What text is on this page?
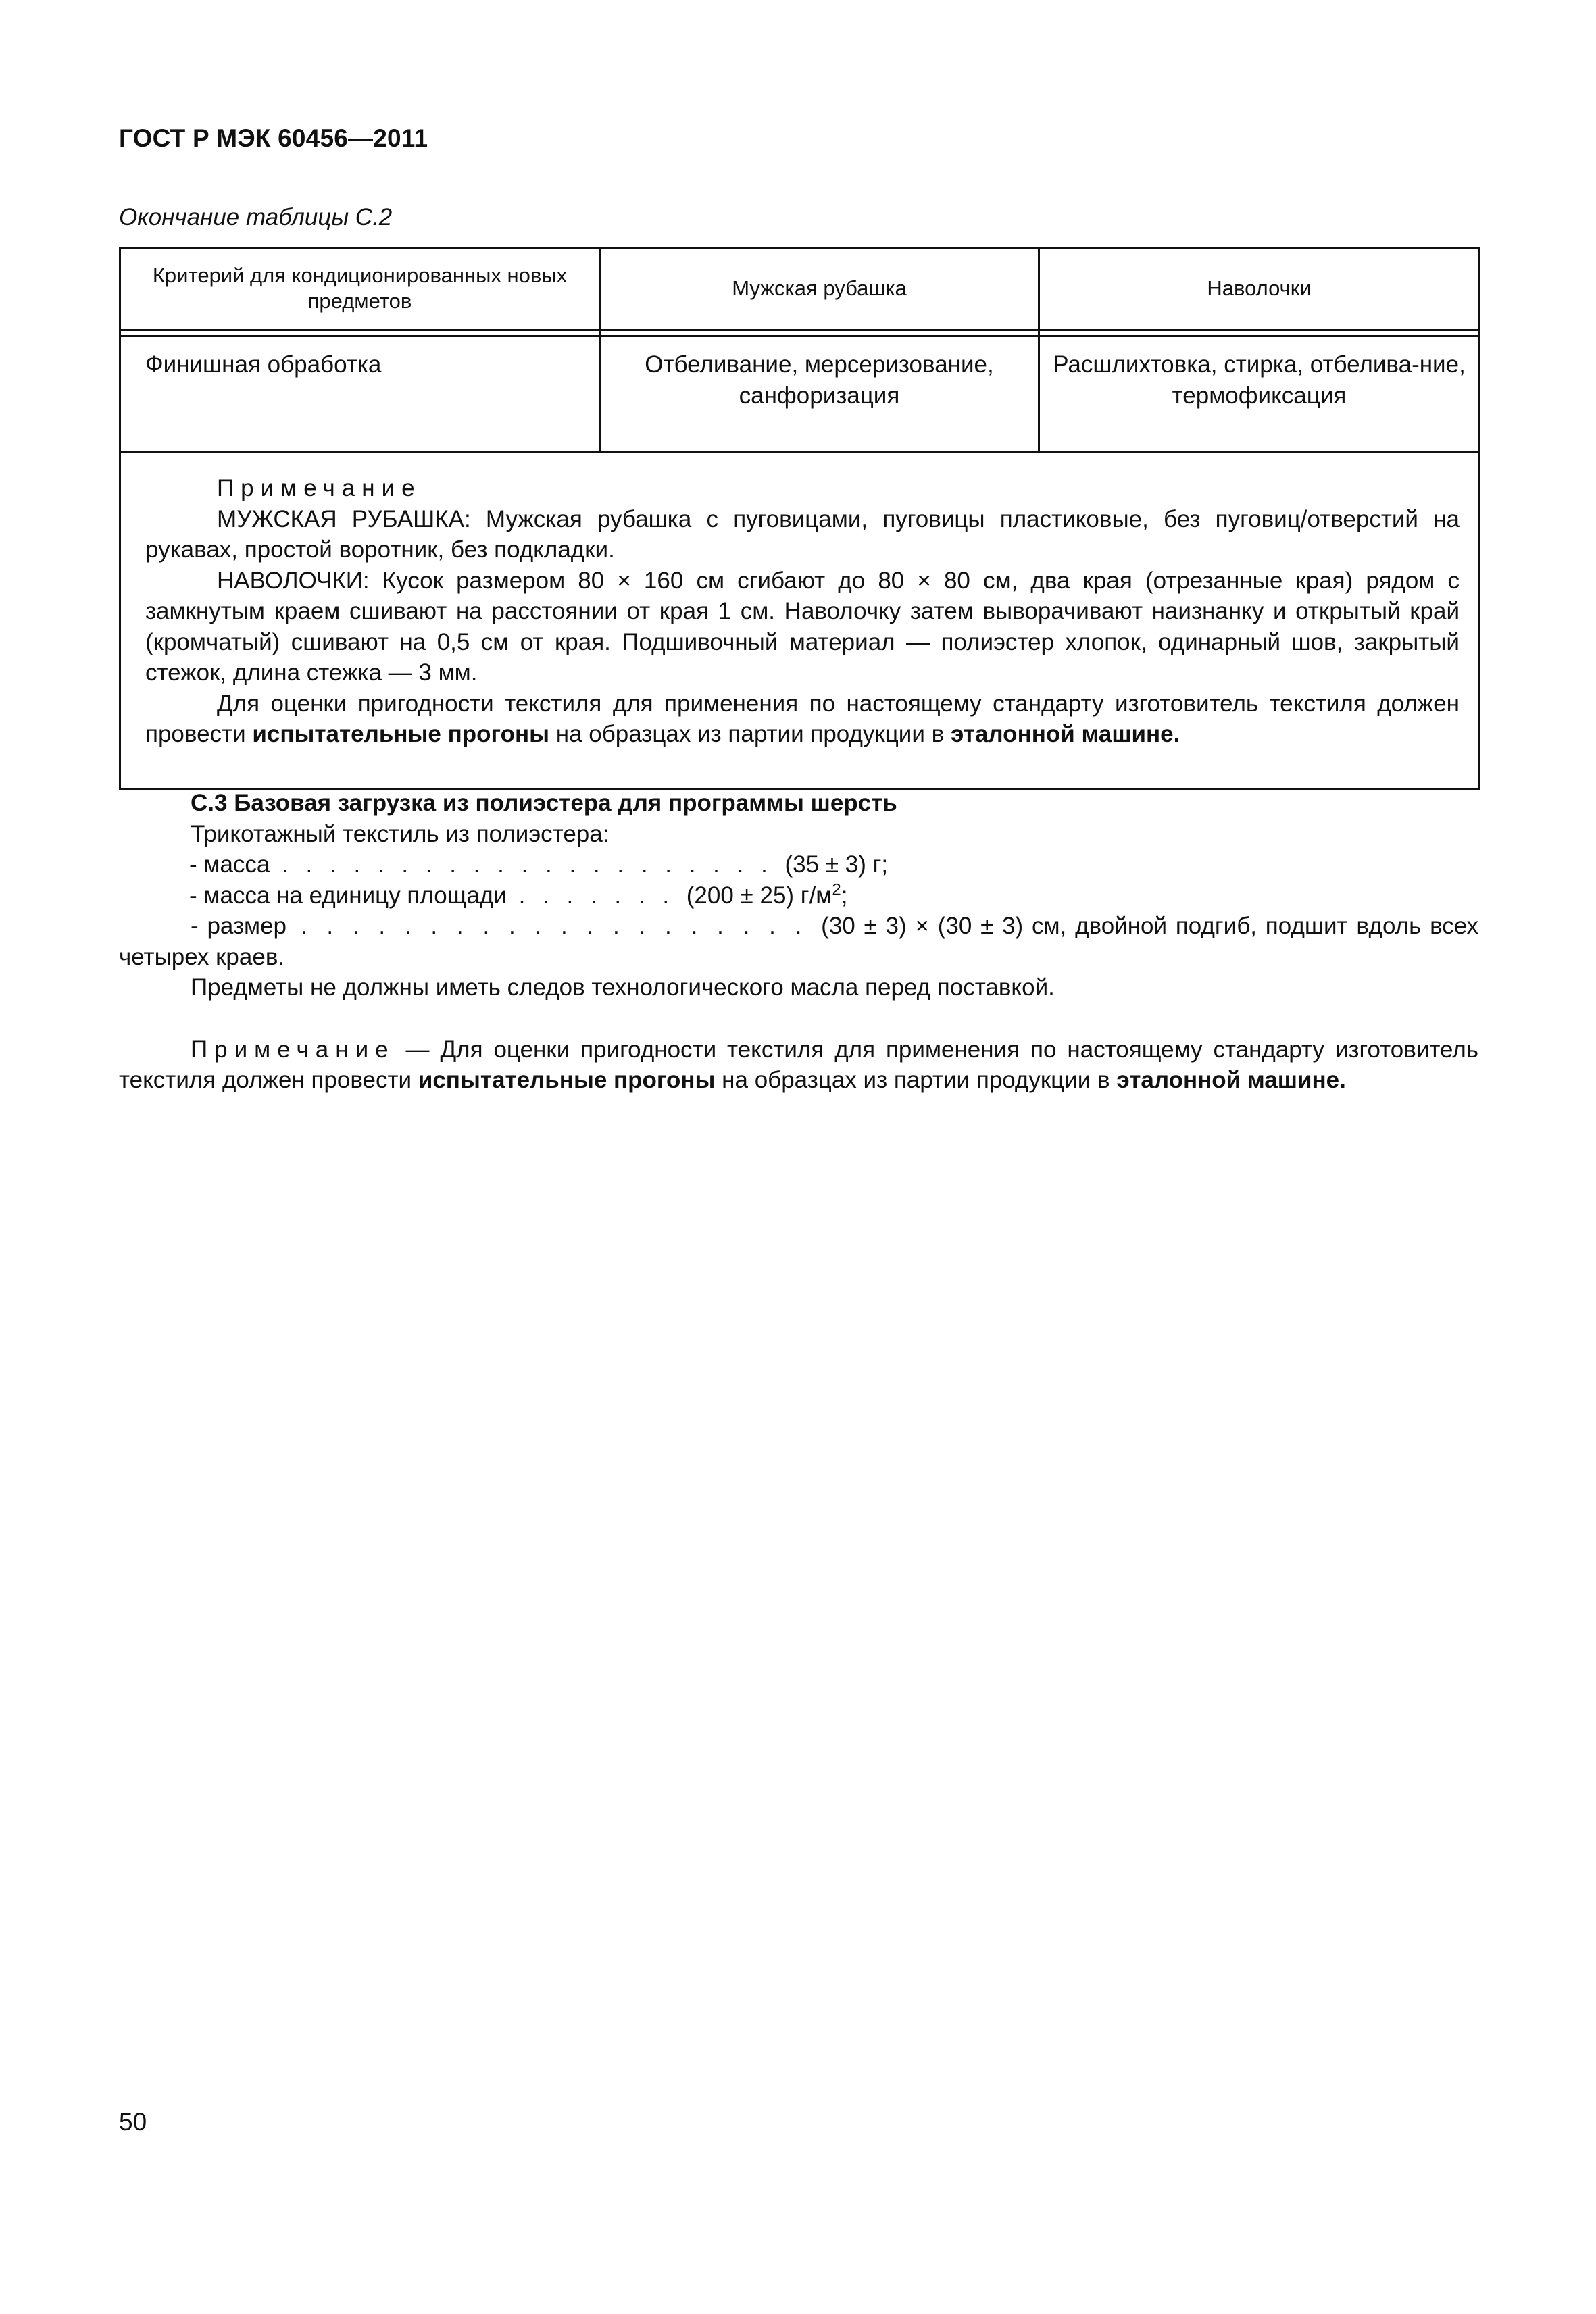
ГОСТ Р МЭК 60456—2011
Окончание таблицы С.2
Критерий для кондиционированных новых предметов	Мужская рубашка	Наволочки

Финишная обработка	Отбеливание, мерсеризование, санфоризация	Расшлихтовка, стирка, отбелива-ние, термофиксация

Примечание

МУЖСКАЯ РУБАШКА: Мужская рубашка с пуговицами, пуговицы пластиковые, без пуговиц/отверстий на рукавах, простой воротник, без подкладки.

НАВОЛОЧКИ: Кусок размером 80 × 160 см сгибают до 80 × 80 см, два края (отрезанные края) рядом с замкнутым краем сшивают на расстоянии от края 1 см. Наволочку затем выворачивают наизнанку и открытый край (кромчатый) сшивают на 0,5 см от края. Подшивочный материал — полиэстер хлопок, одинарный шов, закрытый стежок, длина стежка — 3 мм.

Для оценки пригодности текстиля для применения по настоящему стандарту изготовитель текстиля должен провести испытательные прогоны на образцах из партии продукции в эталонной машине.		

С.3 Базовая загрузка из полиэстера для программы шерсть

Трикотажный текстиль из полиэстера:

- масса . . . . . . . . . . . . . . . . . . . . . (35 ± 3) г;

- масса на единицу площади . . . . . . . (200 ± 25) $г/м^2$;

- размер . . . . . . . . . . . . . . . . . . . . (30 ± 3) × (30 ± 3) см, двойной подгиб, подшит вдоль всех четырех краев.

Предметы не должны иметь следов технологического масла перед поставкой.

Примечание — Для оценки пригодности текстиля для применения по настоящему стандарту изготовитель текстиля должен провести испытательные прогоны на образцах из партии продукции в эталонной машине.

50
